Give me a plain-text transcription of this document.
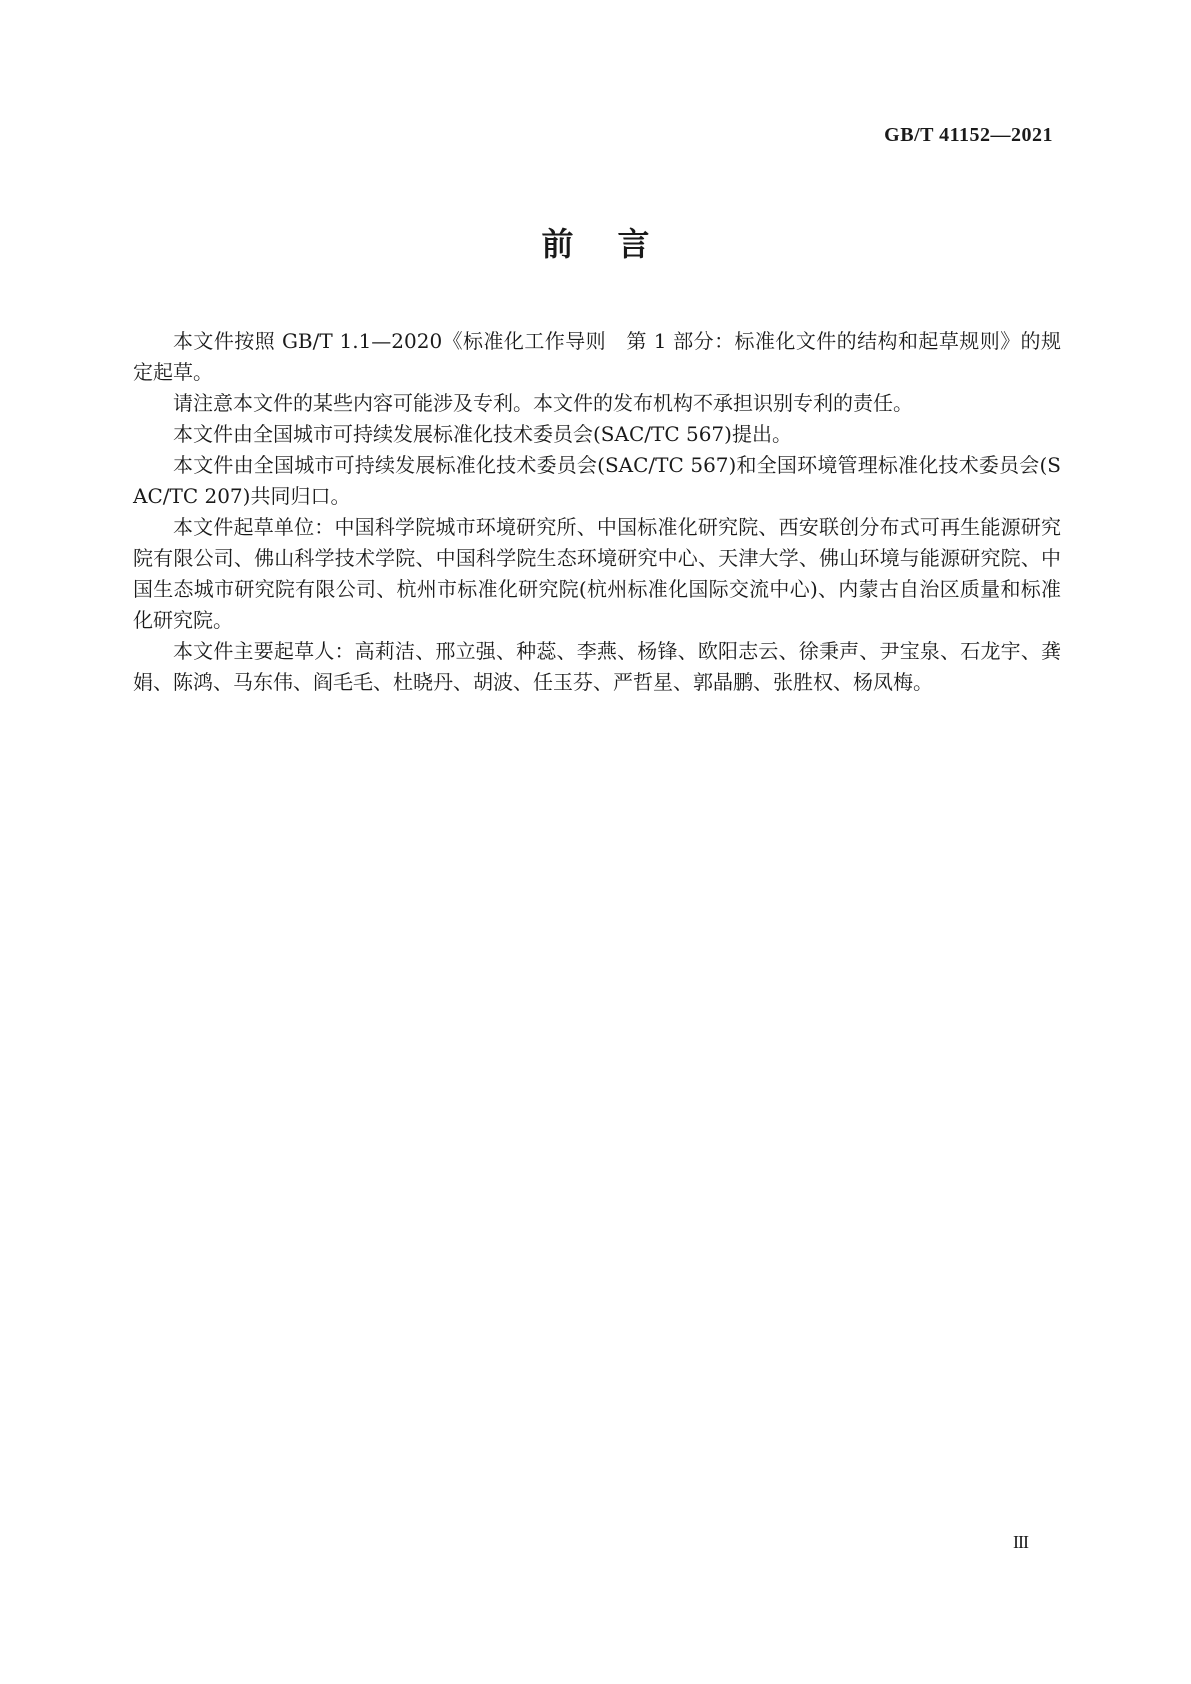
GB/T 41152—2021
前言

本文件按照 GB/T 1.1—2020《标准化工作导则　第 1 部分：标准化文件的结构和起草规则》的规定起草。

请注意本文件的某些内容可能涉及专利。本文件的发布机构不承担识别专利的责任。

本文件由全国城市可持续发展标准化技术委员会(SAC/TC 567)提出。

本文件由全国城市可持续发展标准化技术委员会(SAC/TC 567)和全国环境管理标准化技术委员会(SAC/TC 207)共同归口。

本文件起草单位：中国科学院城市环境研究所、中国标准化研究院、西安联创分布式可再生能源研究院有限公司、佛山科学技术学院、中国科学院生态环境研究中心、天津大学、佛山环境与能源研究院、中国生态城市研究院有限公司、杭州市标准化研究院(杭州标准化国际交流中心)、内蒙古自治区质量和标准化研究院。

本文件主要起草人：高莉洁、邢立强、种蕊、李燕、杨锋、欧阳志云、徐秉声、尹宝泉、石龙宇、龚娟、陈鸿、马东伟、阎毛毛、杜晓丹、胡波、任玉芬、严哲星、郭晶鹏、张胜权、杨凤梅。

III
